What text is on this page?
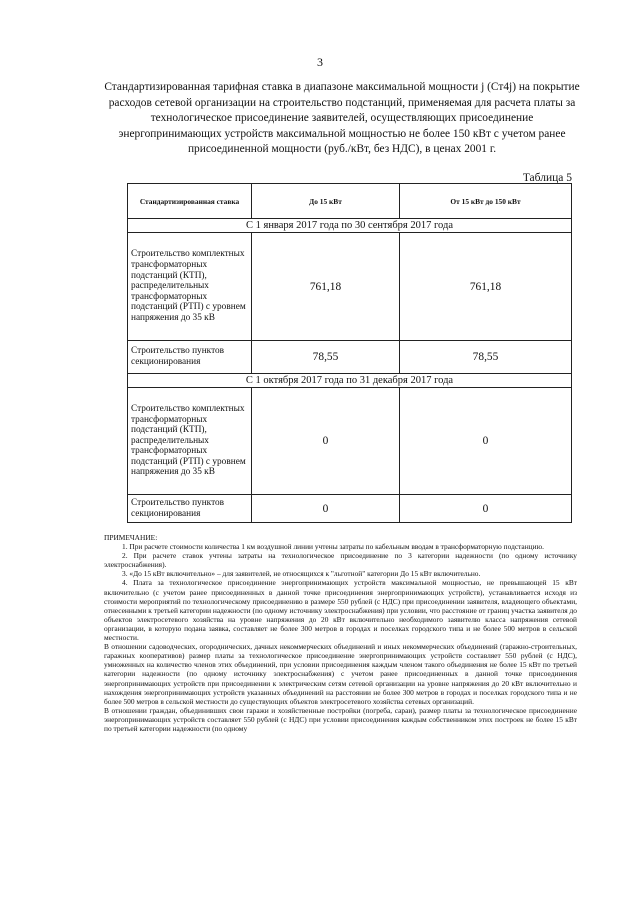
3
Стандартизированная тарифная ставка в диапазоне максимальной мощности j (Ст4j) на покрытие расходов сетевой организации на строительство подстанций, применяемая для расчета платы за технологическое присоединение заявителей, осуществляющих присоединение энергопринимающих устройств максимальной мощностью не более 150 кВт с учетом ранее присоединенной мощности (руб./кВт, без НДС), в ценах 2001 г.
Таблица 5
Стандартизированная ставка	До 15 кВт	От 15 кВт до 150 кВт
С 1 января 2017 года по 30 сентября 2017 года		
Строительство комплектных трансформаторных подстанций (КТП), распределительных трансформаторных подстанций (РТП) с уровнем напряжения до 35 кВ	761,18	761,18
Строительство пунктов секционирования	78,55	78,55
С 1 октября 2017 года по 31 декабря 2017 года		
Строительство комплектных трансформаторных подстанций (КТП), распределительных трансформаторных подстанций (РТП) с уровнем напряжения до 35 кВ	0	0
Строительство пунктов секционирования	0	0

ПРИМЕЧАНИЕ:

1. При расчете стоимости количества 1 км воздушной линии учтены затраты по кабельным вводам в трансформаторную подстанцию.

2. При расчете ставок учтены затраты на технологическое присоединение по 3 категории надежности (по одному источнику электроснабжения).

3. «До 15 кВт включительно» – для заявителей, не относящихся к "льготной" категории До 15 кВт включительно.

4. Плата за технологическое присоединение энергопринимающих устройств максимальной мощностью, не превышающей 15 кВт включительно (с учетом ранее присоединенных в данной точке присоединения энергопринимающих устройств), устанавливается исходя из стоимости мероприятий по технологическому присоединению в размере 550 рублей (с НДС) при присоединении заявителя, владеющего объектами, отнесенными к третьей категории надежности (по одному источнику электроснабжения) при условии, что расстояние от границ участка заявителя до объектов электросетевого хозяйства на уровне напряжения до 20 кВт включительно необходимого заявителю класса напряжения сетевой организации, в которую подана заявка, составляет не более 300 метров в городах и поселках городского типа и не более 500 метров в сельской местности.

В отношении садоводческих, огороднических, дачных некоммерческих объединений и иных некоммерческих объединений (гаражно-строительных, гаражных кооперативов) размер платы за технологическое присоединение энергопринимающих устройств составляет 550 рублей (с НДС), умноженных на количество членов этих объединений, при условии присоединения каждым членом такого объединения не более 15 кВт по третьей категории надежности (по одному источнику электроснабжения) с учетом ранее присоединенных в данной точке присоединения энергопринимающих устройств при присоединении к электрическим сетям сетевой организации на уровне напряжения до 20 кВт включительно и нахождения энергопринимающих устройств указанных объединений на расстоянии не более 300 метров в городах и поселках городского типа и не более 500 метров в сельской местности до существующих объектов электросетевого хозяйства сетевых организаций.

В отношении граждан, объединивших свои гаражи и хозяйственные постройки (погреба, сараи), размер платы за технологическое присоединение энергопринимающих устройств составляет 550 рублей (с НДС) при условии присоединения каждым собственником этих построек не более 15 кВт по третьей категории надежности (по одному
